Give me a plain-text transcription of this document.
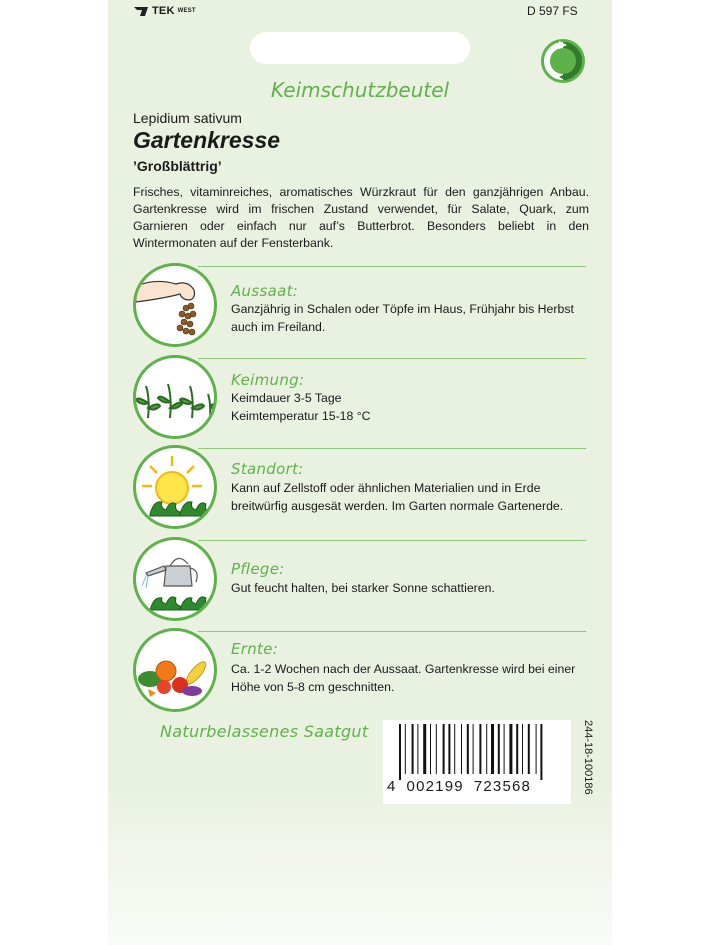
TEK WEST	D 597 FS
Keimschutzbeutel
Lepidium sativum
Gartenkresse
’Großblättrig’
Frisches, vitaminreiches, aromatisches Würzkraut für den ganzjährigen Anbau. Gartenkresse wird im frischen Zustand verwendet, für Salate, Quark, zum Garnieren oder einfach nur auf’s Butterbrot. Besonders beliebt in den Wintermonaten auf der Fensterbank.
Aussaat:
Ganzjährig in Schalen oder Töpfe im Haus, Frühjahr bis Herbst auch im Freiland.
Keimung:
Keimdauer 3-5 Tage
Keimtemperatur 15-18 °C
Standort:
Kann auf Zellstoff oder ähnlichen Materialien und in Erde breitwürfig ausgesät werden. Im Garten normale Gartenerde.
Pflege:
Gut feucht halten, bei starker Sonne schattieren.
Ernte:
Ca. 1-2 Wochen nach der Aussaat. Gartenkresse wird bei einer Höhe von 5-8 cm geschnitten.
Naturbelassenes Saatgut
4 002199 723568	244-18-100186
